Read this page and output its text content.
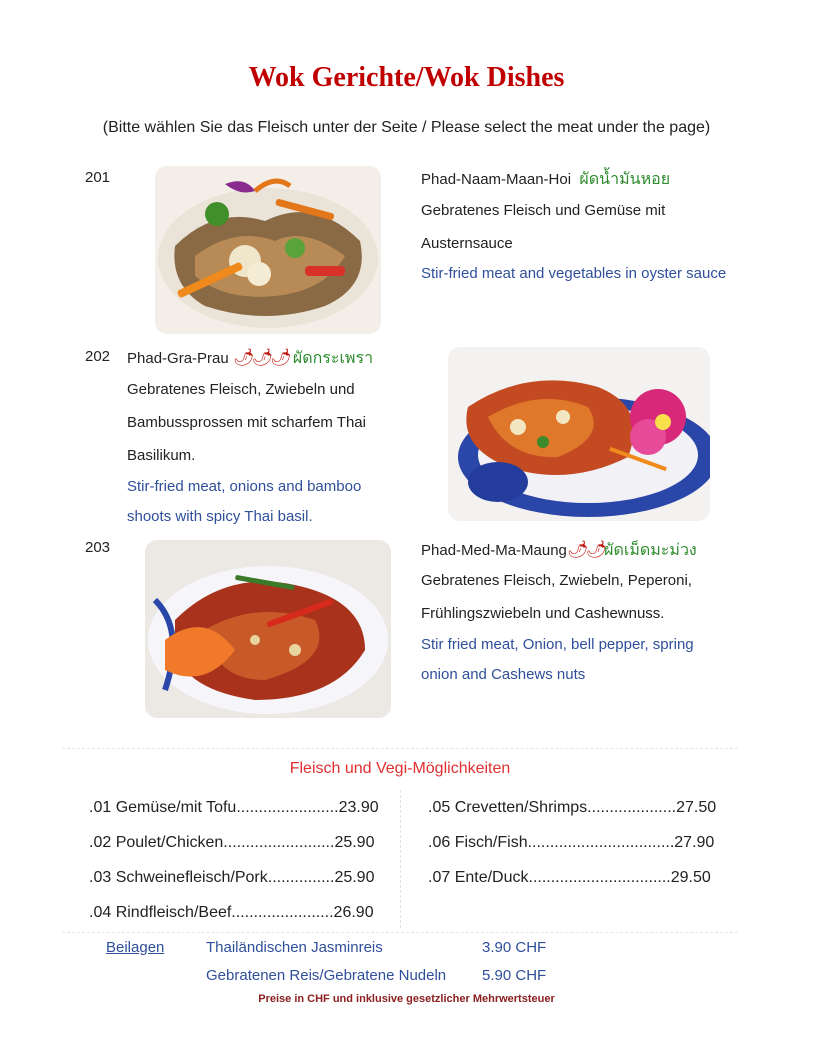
Wok Gerichte/Wok Dishes
(Bitte wählen Sie das Fleisch unter der Seite / Please select the meat under the page)
201	Phad-Naam-Maan-Hoi ผัดน้ำมันหอย
Gebratenes Fleisch und Gemüse mit
Austernsauce
Stir-fried meat and vegetables in oyster sauce
202 Phad-Gra-Prau 🌶🌶🌶 ผัดกระเพรา
Gebratenes Fleisch, Zwiebeln und
Bambussprossen mit scharfem Thai
Basilikum.
Stir-fried meat, onions and bamboo
shoots with spicy Thai basil.
203	Phad-Med-Ma-Maung🌶🌶ผัดเม็ดมะม่วง
Gebratenes Fleisch, Zwiebeln, Peperoni,
Frühlingszwiebeln und Cashewnuss.
Stir fried meat, Onion, bell pepper, spring
onion and Cashews nuts
Fleisch und Vegi-Möglichkeiten
.01 Gemüse/mit Tofu.......................23.90
.02 Poulet/Chicken.........................25.90
.03 Schweinefleisch/Pork...............25.90
.04 Rindfleisch/Beef.......................26.90
.05 Crevetten/Shrimps....................27.50
.06 Fisch/Fish.................................27.90
.07 Ente/Duck................................29.50
Beilagen	Thailändischen Jasminreis	3.90 CHF
Gebratenen Reis/Gebratene Nudeln 5.90 CHF
Preise in CHF und inklusive gesetzlicher Mehrwertsteuer
